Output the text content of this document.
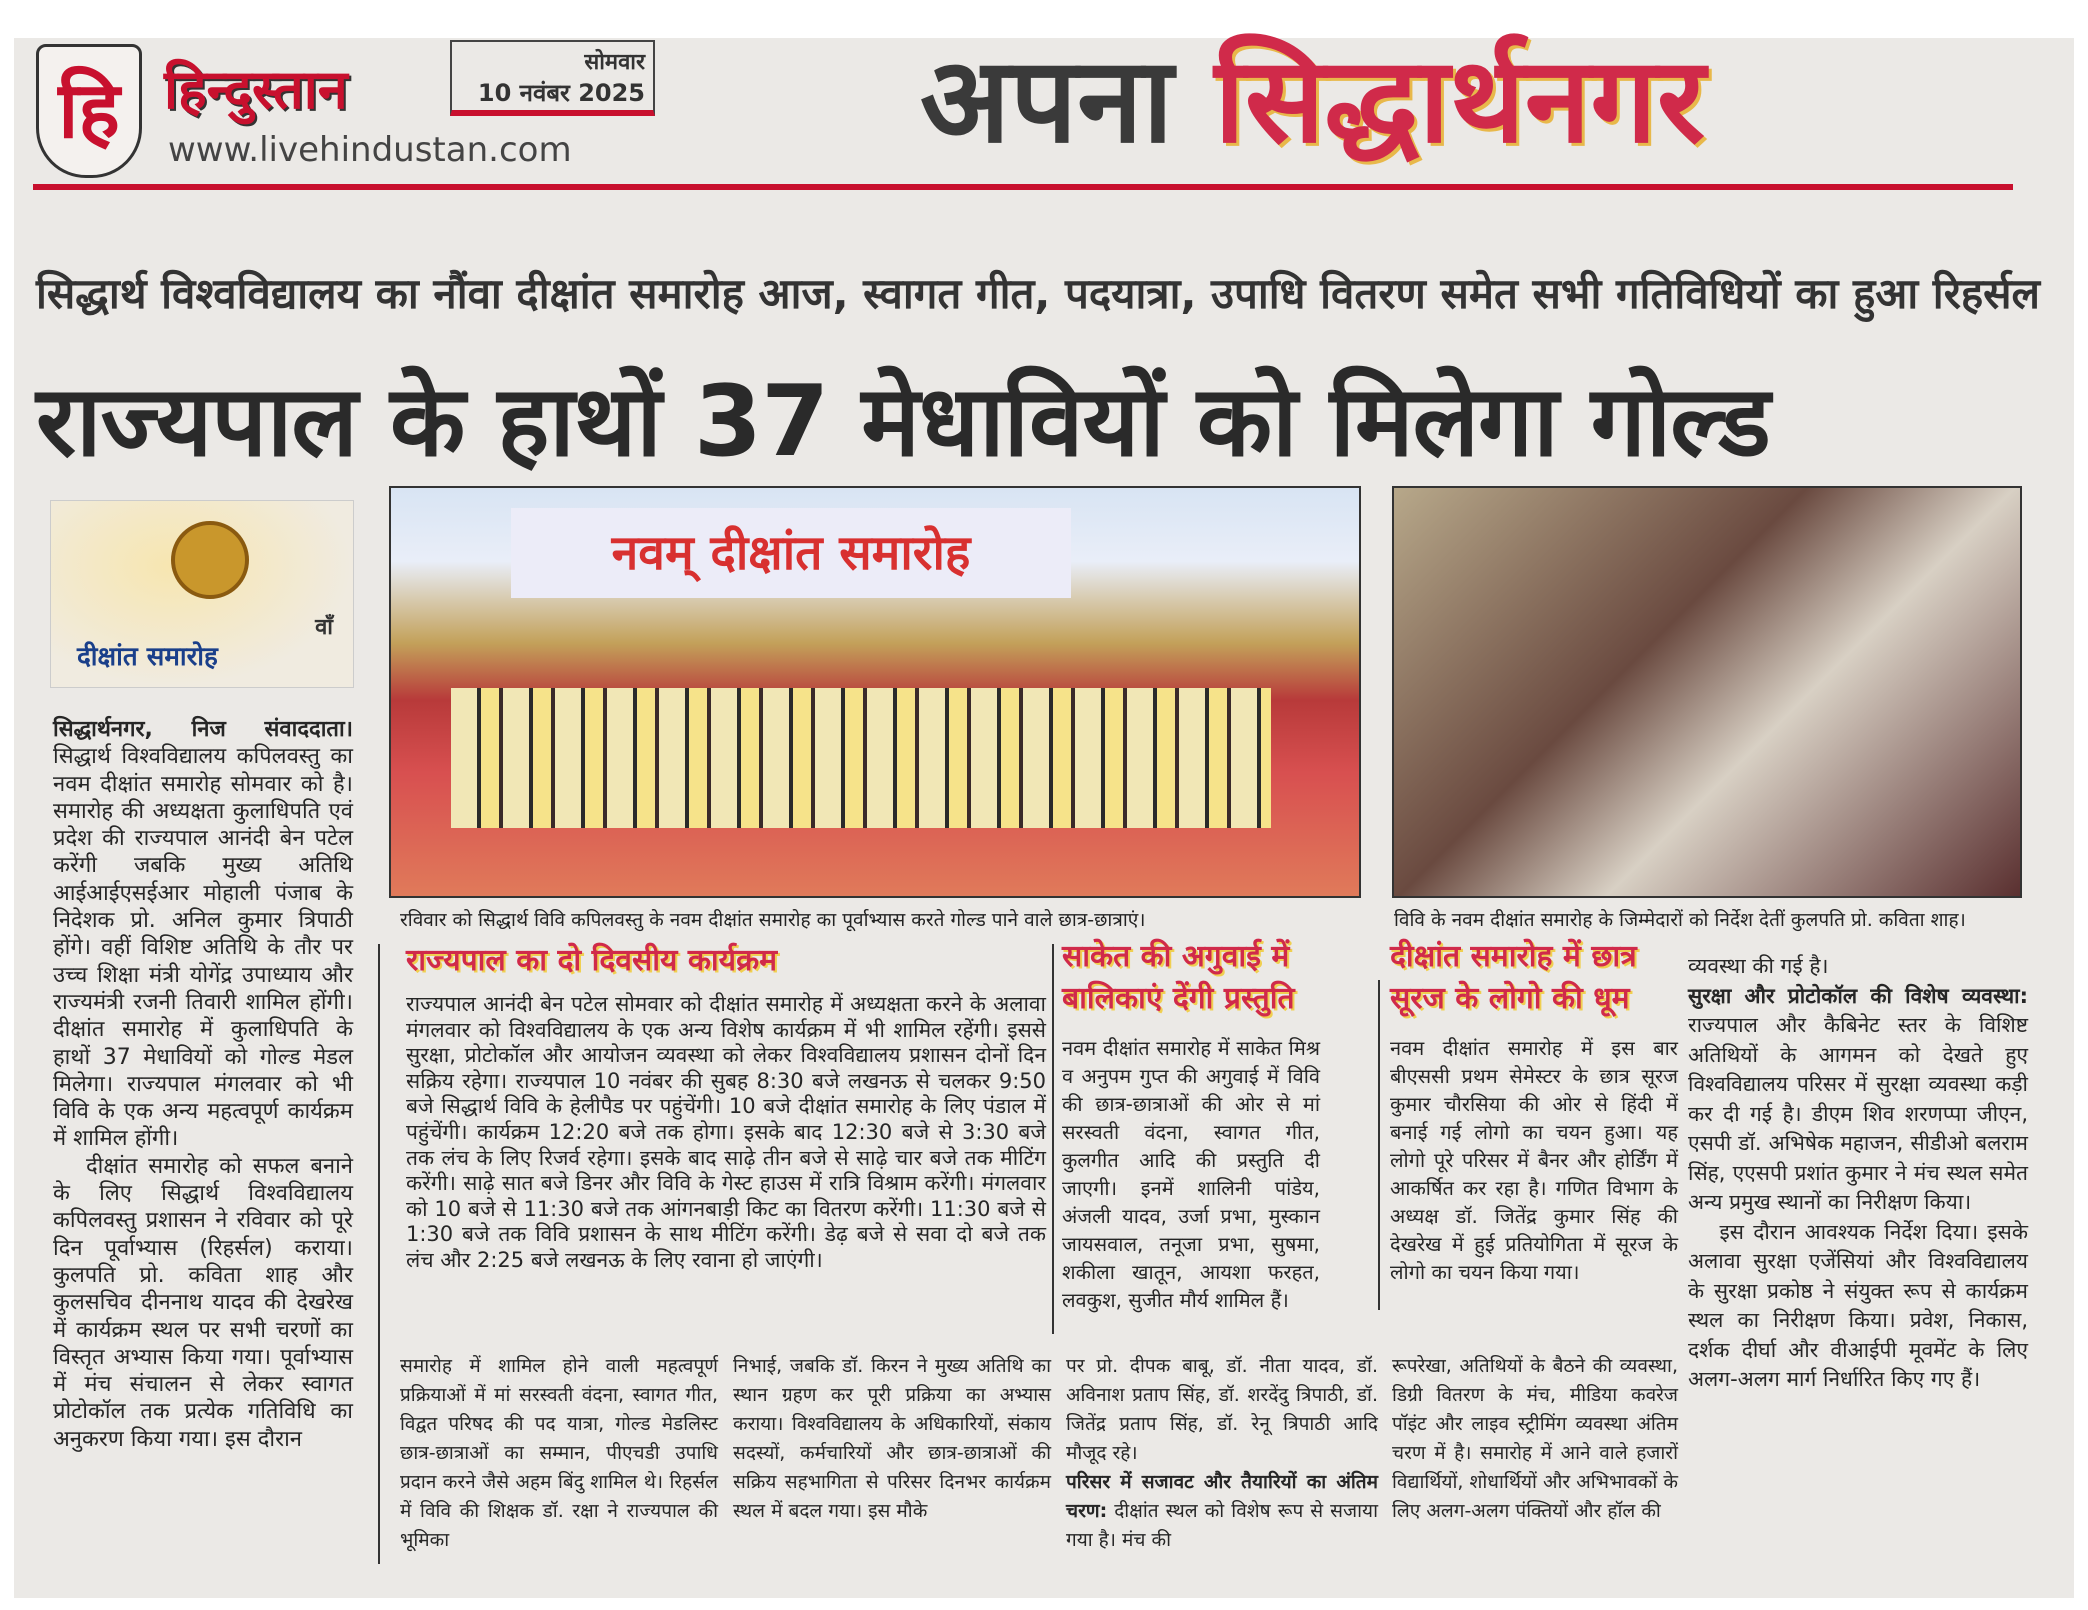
हि हिन्दुस्तान	सोमवार
10 नवंबर 2025
www.livehindustan.com	अपना सिद्धार्थनगर
सिद्धार्थ विश्वविद्यालय का नौंवा दीक्षांत समारोह आज, स्वागत गीत, पदयात्रा, उपाधि वितरण समेत सभी गतिविधियों का हुआ रिहर्सल
राज्यपाल के हाथों 37 मेधावियों को मिलेगा गोल्ड
वाँ
दीक्षांत समारोह
नवम् दीक्षांत समारोह
रविवार को सिद्धार्थ विवि कपिलवस्तु के नवम दीक्षांत समारोह का पूर्वाभ्यास करते गोल्ड पाने वाले छात्र-छात्राएं।	विवि के नवम दीक्षांत समारोह के जिम्मेदारों को निर्देश देतीं कुलपति प्रो. कविता शाह।

सिद्धार्थनगर, निज संवाददाता। सिद्धार्थ विश्वविद्यालय कपिलवस्तु का नवम दीक्षांत समारोह सोमवार को है। समारोह की अध्यक्षता कुलाधिपति एवं प्रदेश की राज्यपाल आनंदी बेन पटेल करेंगी जबकि मुख्य अतिथि आईआईएसईआर मोहाली पंजाब के निदेशक प्रो. अनिल कुमार त्रिपाठी होंगे। वहीं विशिष्ट अतिथि के तौर पर उच्च शिक्षा मंत्री योगेंद्र उपाध्याय और राज्यमंत्री रजनी तिवारी शामिल होंगी। दीक्षांत समारोह में कुलाधिपति के हाथों 37 मेधावियों को गोल्ड मेडल मिलेगा। राज्यपाल मंगलवार को भी विवि के एक अन्य महत्वपूर्ण कार्यक्रम में शामिल होंगी।

दीक्षांत समारोह को सफल बनाने के लिए सिद्धार्थ विश्वविद्यालय कपिलवस्तु प्रशासन ने रविवार को पूरे दिन पूर्वाभ्यास (रिहर्सल) कराया। कुलपति प्रो. कविता शाह और कुलसचिव दीननाथ यादव की देखरेख में कार्यक्रम स्थल पर सभी चरणों का विस्तृत अभ्यास किया गया। पूर्वाभ्यास में मंच संचालन से लेकर स्वागत प्रोटोकॉल तक प्रत्येक गतिविधि का अनुकरण किया गया। इस दौरान

राज्यपाल का दो दिवसीय कार्यक्रम
राज्यपाल आनंदी बेन पटेल सोमवार को दीक्षांत समारोह में अध्यक्षता करने के अलावा मंगलवार को विश्वविद्यालय के एक अन्य विशेष कार्यक्रम में भी शामिल रहेंगी। इससे सुरक्षा, प्रोटोकॉल और आयोजन व्यवस्था को लेकर विश्वविद्यालय प्रशासन दोनों दिन सक्रिय रहेगा। राज्यपाल 10 नवंबर की सुबह 8:30 बजे लखनऊ से चलकर 9:50 बजे सिद्धार्थ विवि के हेलीपैड पर पहुंचेंगी। 10 बजे दीक्षांत समारोह के लिए पंडाल में पहुंचेंगी। कार्यक्रम 12:20 बजे तक होगा। इसके बाद 12:30 बजे से 3:30 बजे तक लंच के लिए रिजर्व रहेगा। इसके बाद साढ़े तीन बजे से साढ़े चार बजे तक मीटिंग करेंगी। साढ़े सात बजे डिनर और विवि के गेस्ट हाउस में रात्रि विश्राम करेंगी। मंगलवार को 10 बजे से 11:30 बजे तक आंगनबाड़ी किट का वितरण करेंगी। 11:30 बजे से 1:30 बजे तक विवि प्रशासन के साथ मीटिंग करेंगी। डेढ़ बजे से सवा दो बजे तक लंच और 2:25 बजे लखनऊ के लिए रवाना हो जाएंगी।
साकेत की अगुवाई में बालिकाएं देंगी प्रस्तुति
नवम दीक्षांत समारोह में साकेत मिश्र व अनुपम गुप्त की अगुवाई में विवि की छात्र-छात्राओं की ओर से मां सरस्वती वंदना, स्वागत गीत, कुलगीत आदि की प्रस्तुति दी जाएगी। इनमें शालिनी पांडेय, अंजली यादव, उर्जा प्रभा, मुस्कान जायसवाल, तनूजा प्रभा, सुषमा, शकीला खातून, आयशा फरहत, लवकुश, सुजीत मौर्य शामिल हैं।
दीक्षांत समारोह में छात्र सूरज के लोगो की धूम
नवम दीक्षांत समारोह में इस बार बीएससी प्रथम सेमेस्टर के छात्र सूरज कुमार चौरसिया की ओर से हिंदी में बनाई गई लोगो का चयन हुआ। यह लोगो पूरे परिसर में बैनर और होर्डिंग में आकर्षित कर रहा है। गणित विभाग के अध्यक्ष डॉ. जितेंद्र कुमार सिंह की देखरेख में हुई प्रतियोगिता में सूरज के लोगो का चयन किया गया।
समारोह में शामिल होने वाली महत्वपूर्ण प्रक्रियाओं में मां सरस्वती वंदना, स्वागत गीत, विद्वत परिषद की पद यात्रा, गोल्ड मेडलिस्ट छात्र-छात्राओं का सम्मान, पीएचडी उपाधि प्रदान करने जैसे अहम बिंदु शामिल थे। रिहर्सल में विवि की शिक्षक डॉ. रक्षा ने राज्यपाल की भूमिका
निभाई, जबकि डॉ. किरन ने मुख्य अतिथि का स्थान ग्रहण कर पूरी प्रक्रिया का अभ्यास कराया। विश्वविद्यालय के अधिकारियों, संकाय सदस्यों, कर्मचारियों और छात्र-छात्राओं की सक्रिय सहभागिता से परिसर दिनभर कार्यक्रम स्थल में बदल गया। इस मौके

पर प्रो. दीपक बाबू, डॉ. नीता यादव, डॉ. अविनाश प्रताप सिंह, डॉ. शरदेंदु त्रिपाठी, डॉ. जितेंद्र प्रताप सिंह, डॉ. रेनू त्रिपाठी आदि मौजूद रहे।

परिसर में सजावट और तैयारियों का अंतिम चरण: दीक्षांत स्थल को विशेष रूप से सजाया गया है। मंच की

रूपरेखा, अतिथियों के बैठने की व्यवस्था, डिग्री वितरण के मंच, मीडिया कवरेज पॉइंट और लाइव स्ट्रीमिंग व्यवस्था अंतिम चरण में है। समारोह में आने वाले हजारों विद्यार्थियों, शोधार्थियों और अभिभावकों के लिए अलग-अलग पंक्तियों और हॉल की

व्यवस्था की गई है।

सुरक्षा और प्रोटोकॉल की विशेष व्यवस्था: राज्यपाल और कैबिनेट स्तर के विशिष्ट अतिथियों के आगमन को देखते हुए विश्वविद्यालय परिसर में सुरक्षा व्यवस्था कड़ी कर दी गई है। डीएम शिव शरणप्पा जीएन, एसपी डॉ. अभिषेक महाजन, सीडीओ बलराम सिंह, एएसपी प्रशांत कुमार ने मंच स्थल समेत अन्य प्रमुख स्थानों का निरीक्षण किया।

इस दौरान आवश्यक निर्देश दिया। इसके अलावा सुरक्षा एजेंसियां और विश्वविद्यालय के सुरक्षा प्रकोष्ठ ने संयुक्त रूप से कार्यक्रम स्थल का निरीक्षण किया। प्रवेश, निकास, दर्शक दीर्घा और वीआईपी मूवमेंट के लिए अलग-अलग मार्ग निर्धारित किए गए हैं।
